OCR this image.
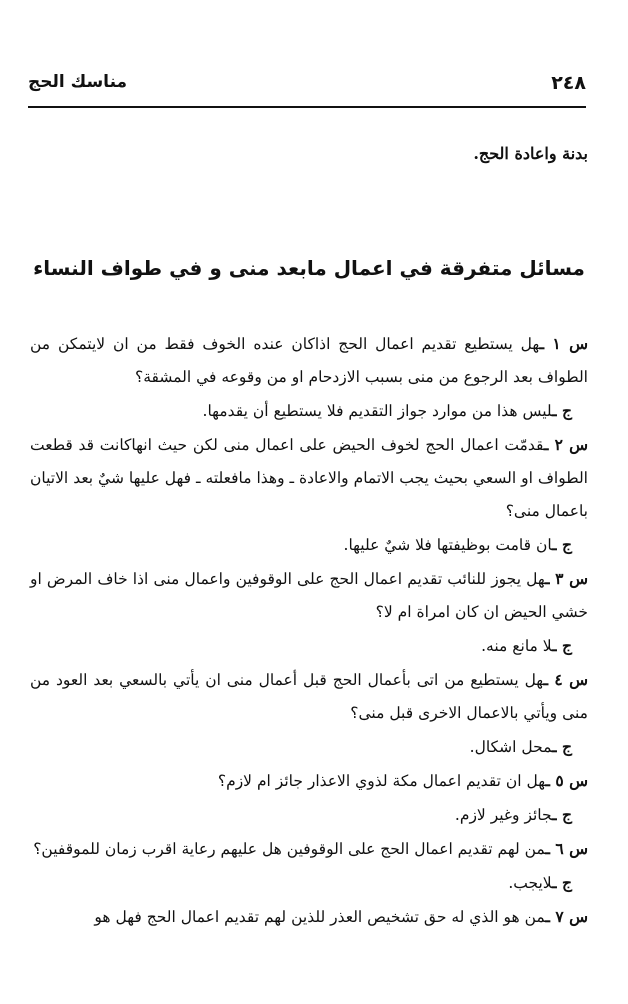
٢٤٨
مناسك الحج

بدنة واعادة الحج.

مسائل متفرقة في اعمال مابعد منى و في طواف النساء

س ١ ـهل يستطيع تقديم اعمال الحج اذاكان عنده الخوف فقط من ان لايتمكن من الطواف بعد الرجوع من منى بسبب الازدحام او من وقوعه في المشقة؟

ج ـليس هذا من موارد جواز التقديم فلا يستطيع أن يقدمها.

س ٢ ـقدمّت اعمال الحج لخوف الحيض على اعمال منى لكن حيث انهاكانت قد قطعت الطواف او السعي بحيث يجب الاتمام والاعادة ـ وهذا مافعلته ـ فهل عليها شيٌ بعد الاتيان باعمال منى؟

ج ـان قامت بوظيفتها فلا شيٌ عليها.

س ٣ ـهل يجوز للنائب تقديم اعمال الحج على الوقوفين واعمال منى اذا خاف المرض او خشي الحيض ان كان امراة ام لا؟

ج ـلا مانع منه.

س ٤ ـهل يستطيع من اتى بأعمال الحج قبل أعمال منى ان يأتي بالسعي بعد العود من منى ويأتي بالاعمال الاخرى قبل منى؟

ج ـمحل اشكال.

س ٥ ـهل ان تقديم اعمال مكة لذوي الاعذار جائز ام لازم؟

ج ـجائز وغير لازم.

س ٦ ـمن لهم تقديم اعمال الحج على الوقوفين هل عليهم رعاية اقرب زمان للموقفين؟

ج ـلايجب.

س ٧ ـمن هو الذي له حق تشخيص العذر للذين لهم تقديم اعمال الحج فهل هو
